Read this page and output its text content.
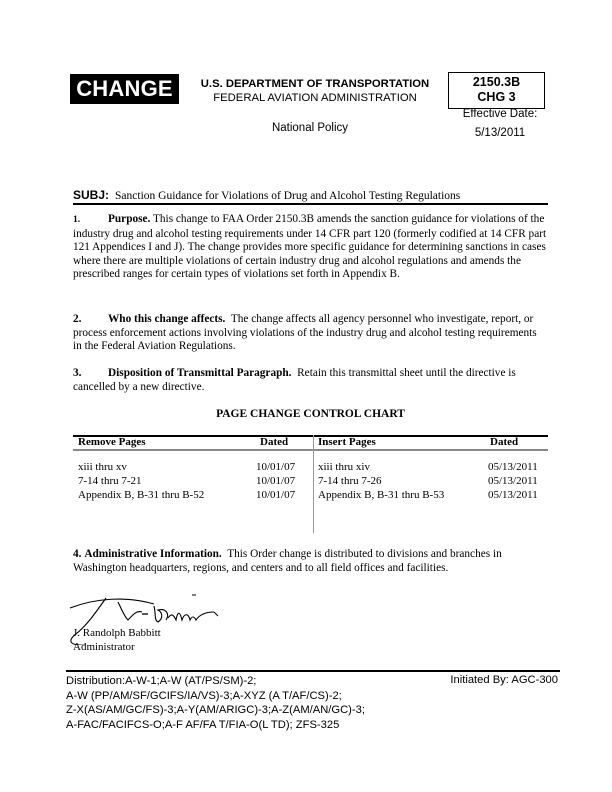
CHANGE	U.S. DEPARTMENT OF TRANSPORTATION
FEDERAL AVIATION ADMINISTRATION
2150.3B
CHG 3
Effective Date:
5/13/2011
National Policy
SUBJ: Sanction Guidance for Violations of Drug and Alcohol Testing Regulations
1. Purpose. This change to FAA Order 2150.3B amends the sanction guidance for violations of the industry drug and alcohol testing requirements under 14 CFR part 120 (formerly codified at 14 CFR part 121 Appendices I and J). The change provides more specific guidance for determining sanctions in cases where there are multiple violations of certain industry drug and alcohol regulations and amends the prescribed ranges for certain types of violations set forth in Appendix B.
2. Who this change affects. The change affects all agency personnel who investigate, report, or process enforcement actions involving violations of the industry drug and alcohol testing requirements in the Federal Aviation Regulations.
3. Disposition of Transmittal Paragraph. Retain this transmittal sheet until the directive is cancelled by a new directive.
PAGE CHANGE CONTROL CHART
Remove Pages	Dated	Insert Pages	Dated
xiii thru xv	10/01/07 xiii thru xiv	05/13/2011
7-14 thru 7-21	10/01/07 7-14 thru 7-26	05/13/2011
Appendix B, B-31 thru B-52	10/01/07 Appendix B, B-31 thru B-53	05/13/2011
4. Administrative Information. This Order change is distributed to divisions and branches in Washington headquarters, regions, and centers and to all field offices and facilities.
J. Randolph Babbitt
Administrator
Distribution:A-W-1;A-W (AT/PS/SM)-2;
A-W (PP/AM/SF/GCIFS/IA/VS)-3;A-XYZ (A T/AF/CS)-2;
Z-X(AS/AM/GC/FS)-3;A-Y(AM/ARIGC)-3;A-Z(AM/AN/GC)-3;
A-FAC/FACIFCS-O;A-F AF/FA T/FIA-O(L TD); ZFS-325
Initiated By: AGC-300
